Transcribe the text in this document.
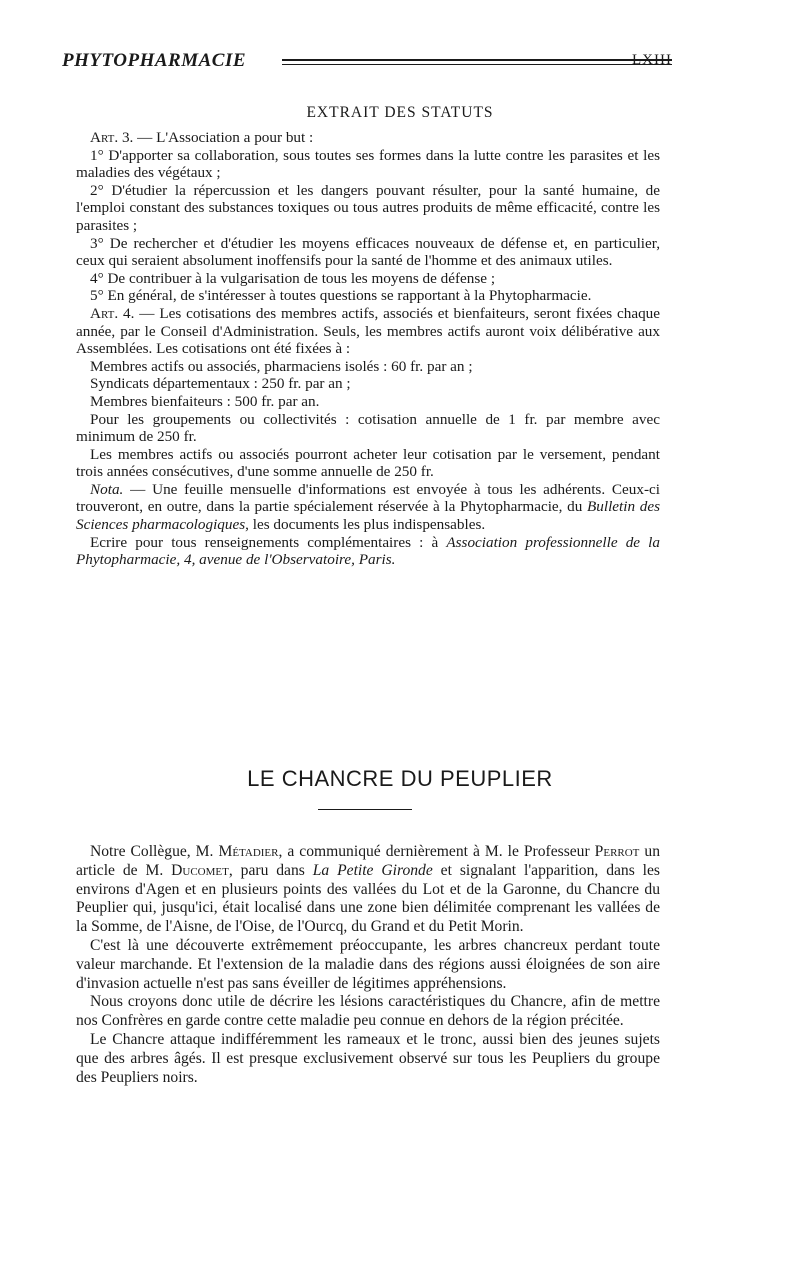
PHYTOPHARMACIE	LXIII
EXTRAIT DES STATUTS

Art. 3. — L'Association a pour but :

1° D'apporter sa collaboration, sous toutes ses formes dans la lutte contre les parasites et les maladies des végétaux ;

2° D'étudier la répercussion et les dangers pouvant résulter, pour la santé humaine, de l'emploi constant des substances toxiques ou tous autres produits de même efficacité, contre les parasites ;

3° De rechercher et d'étudier les moyens efficaces nouveaux de défense et, en particulier, ceux qui seraient absolument inoffensifs pour la santé de l'homme et des animaux utiles.

4° De contribuer à la vulgarisation de tous les moyens de défense ;

5° En général, de s'intéresser à toutes questions se rapportant à la Phytopharmacie.

Art. 4. — Les cotisations des membres actifs, associés et bienfaiteurs, seront fixées chaque année, par le Conseil d'Administration. Seuls, les membres actifs auront voix délibérative aux Assemblées. Les cotisations ont été fixées à :

Membres actifs ou associés, pharmaciens isolés : 60 fr. par an ;

Syndicats départementaux : 250 fr. par an ;

Membres bienfaiteurs : 500 fr. par an.

Pour les groupements ou collectivités : cotisation annuelle de 1 fr. par membre avec minimum de 250 fr.

Les membres actifs ou associés pourront acheter leur cotisation par le versement, pendant trois années consécutives, d'une somme annuelle de 250 fr.

Nota. — Une feuille mensuelle d'informations est envoyée à tous les adhérents. Ceux-ci trouveront, en outre, dans la partie spécialement réservée à la Phytopharmacie, du Bulletin des Sciences pharmacologiques, les documents les plus indispensables.

Ecrire pour tous renseignements complémentaires : à Association professionnelle de la Phytopharmacie, 4, avenue de l'Observatoire, Paris.

LE CHANCRE DU PEUPLIER

Notre Collègue, M. Métadier, a communiqué dernièrement à M. le Professeur Perrot un article de M. Ducomet, paru dans La Petite Gironde et signalant l'apparition, dans les environs d'Agen et en plusieurs points des vallées du Lot et de la Garonne, du Chancre du Peuplier qui, jusqu'ici, était localisé dans une zone bien délimitée comprenant les vallées de la Somme, de l'Aisne, de l'Oise, de l'Ourcq, du Grand et du Petit Morin.

C'est là une découverte extrêmement préoccupante, les arbres chancreux perdant toute valeur marchande. Et l'extension de la maladie dans des régions aussi éloignées de son aire d'invasion actuelle n'est pas sans éveiller de légitimes appréhensions.

Nous croyons donc utile de décrire les lésions caractéristiques du Chancre, afin de mettre nos Confrères en garde contre cette maladie peu connue en dehors de la région précitée.

Le Chancre attaque indifféremment les rameaux et le tronc, aussi bien des jeunes sujets que des arbres âgés. Il est presque exclusivement observé sur tous les Peupliers du groupe des Peupliers noirs.
